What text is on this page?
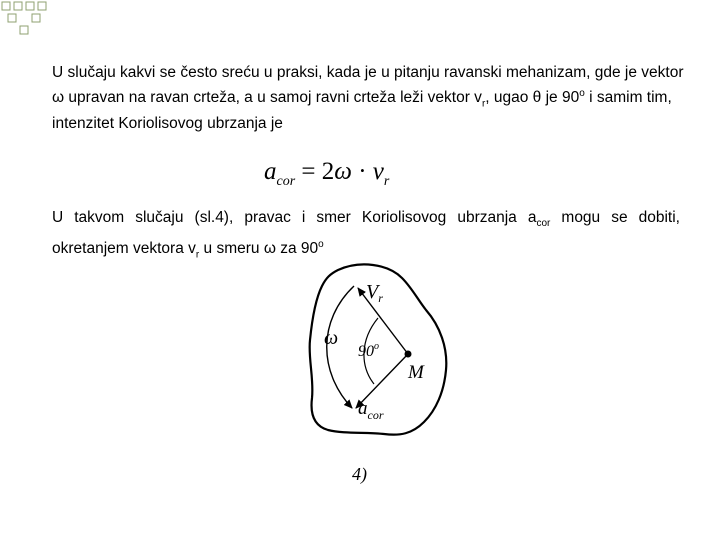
U slučaju kakvi se često sreću u praksi, kada je u pitanju ravanski mehanizam, gde je vektor ω upravan na ravan crteža, a u samoj ravni crteža leži vektor $v_r$, ugao θ je 90$^o$ i samim tim, intenzitet Koriolisovog ubrzanja je
$a_{cor} = 2\omega \cdot v_r$
U takvom slučaju (sl.4), pravac i smer Koriolisovog ubrzanja $a_{cor}$ mogu se dobiti, okretanjem vektora $v_r$ u smeru ω za 90$^o$
$V_r$
ω
90$^o$
M
$a_{cor}$
4)
